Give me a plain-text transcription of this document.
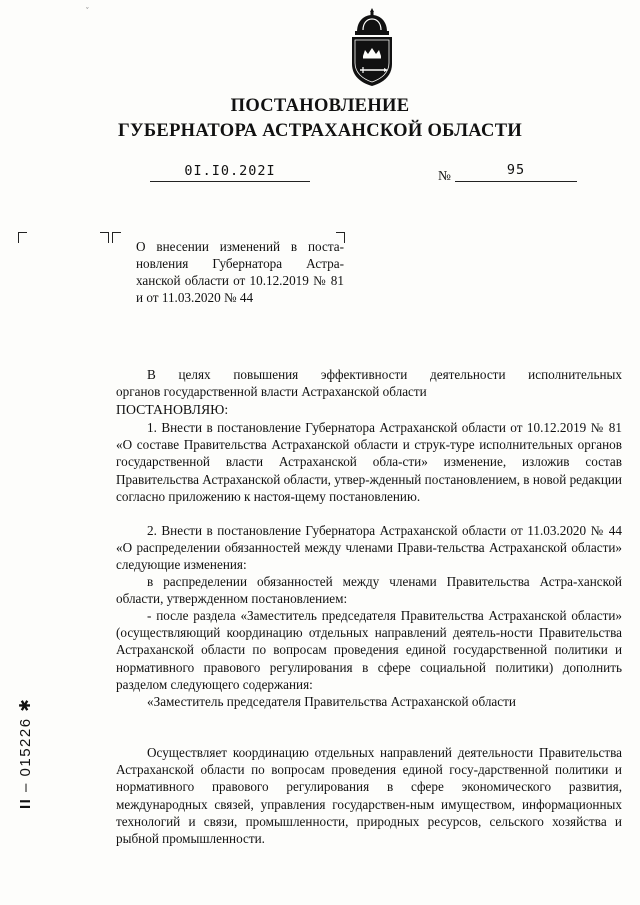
ˇ
ПОСТАНОВЛЕНИЕ
ГУБЕРНАТОРА АСТРАХАНСКОЙ ОБЛАСТИ
0I.I0.202I	№	95
О внесении изменений в поста-новления Губернатора Астра-ханской области от 10.12.2019 № 81 и от 11.03.2020 № 44

В целях повышения эффективности деятельности исполнительных

органов государственной власти Астраханской области

ПОСТАНОВЛЯЮ:

1. Внести в постановление Губернатора Астраханской области от 10.12.2019 № 81 «О составе Правительства Астраханской области и струк-туре исполнительных органов государственной власти Астраханской обла-сти» изменение, изложив состав Правительства Астраханской области, утвер-жденный постановлением, в новой редакции согласно приложению к настоя-щему постановлению.

2. Внести в постановление Губернатора Астраханской области от 11.03.2020 № 44 «О распределении обязанностей между членами Прави-тельства Астраханской области» следующие изменения:

в распределении обязанностей между членами Правительства Астра-ханской области, утвержденном постановлением:

- после раздела «Заместитель председателя Правительства Астраханской области» (осуществляющий координацию отдельных направлений деятель-ности Правительства Астраханской области по вопросам проведения единой государственной политики и нормативного правового регулирования в сфере социальной политики) дополнить разделом следующего содержания:

«Заместитель председателя Правительства Астраханской области

Осуществляет координацию отдельных направлений деятельности Правительства Астраханской области по вопросам проведения единой госу-дарственной политики и нормативного правового регулирования в сфере экономического развития, международных связей, управления государствен-ным имуществом, информационных технологий и связи, промышленности, природных ресурсов, сельского хозяйства и рыбной промышленности.

II – 015226 ✱
